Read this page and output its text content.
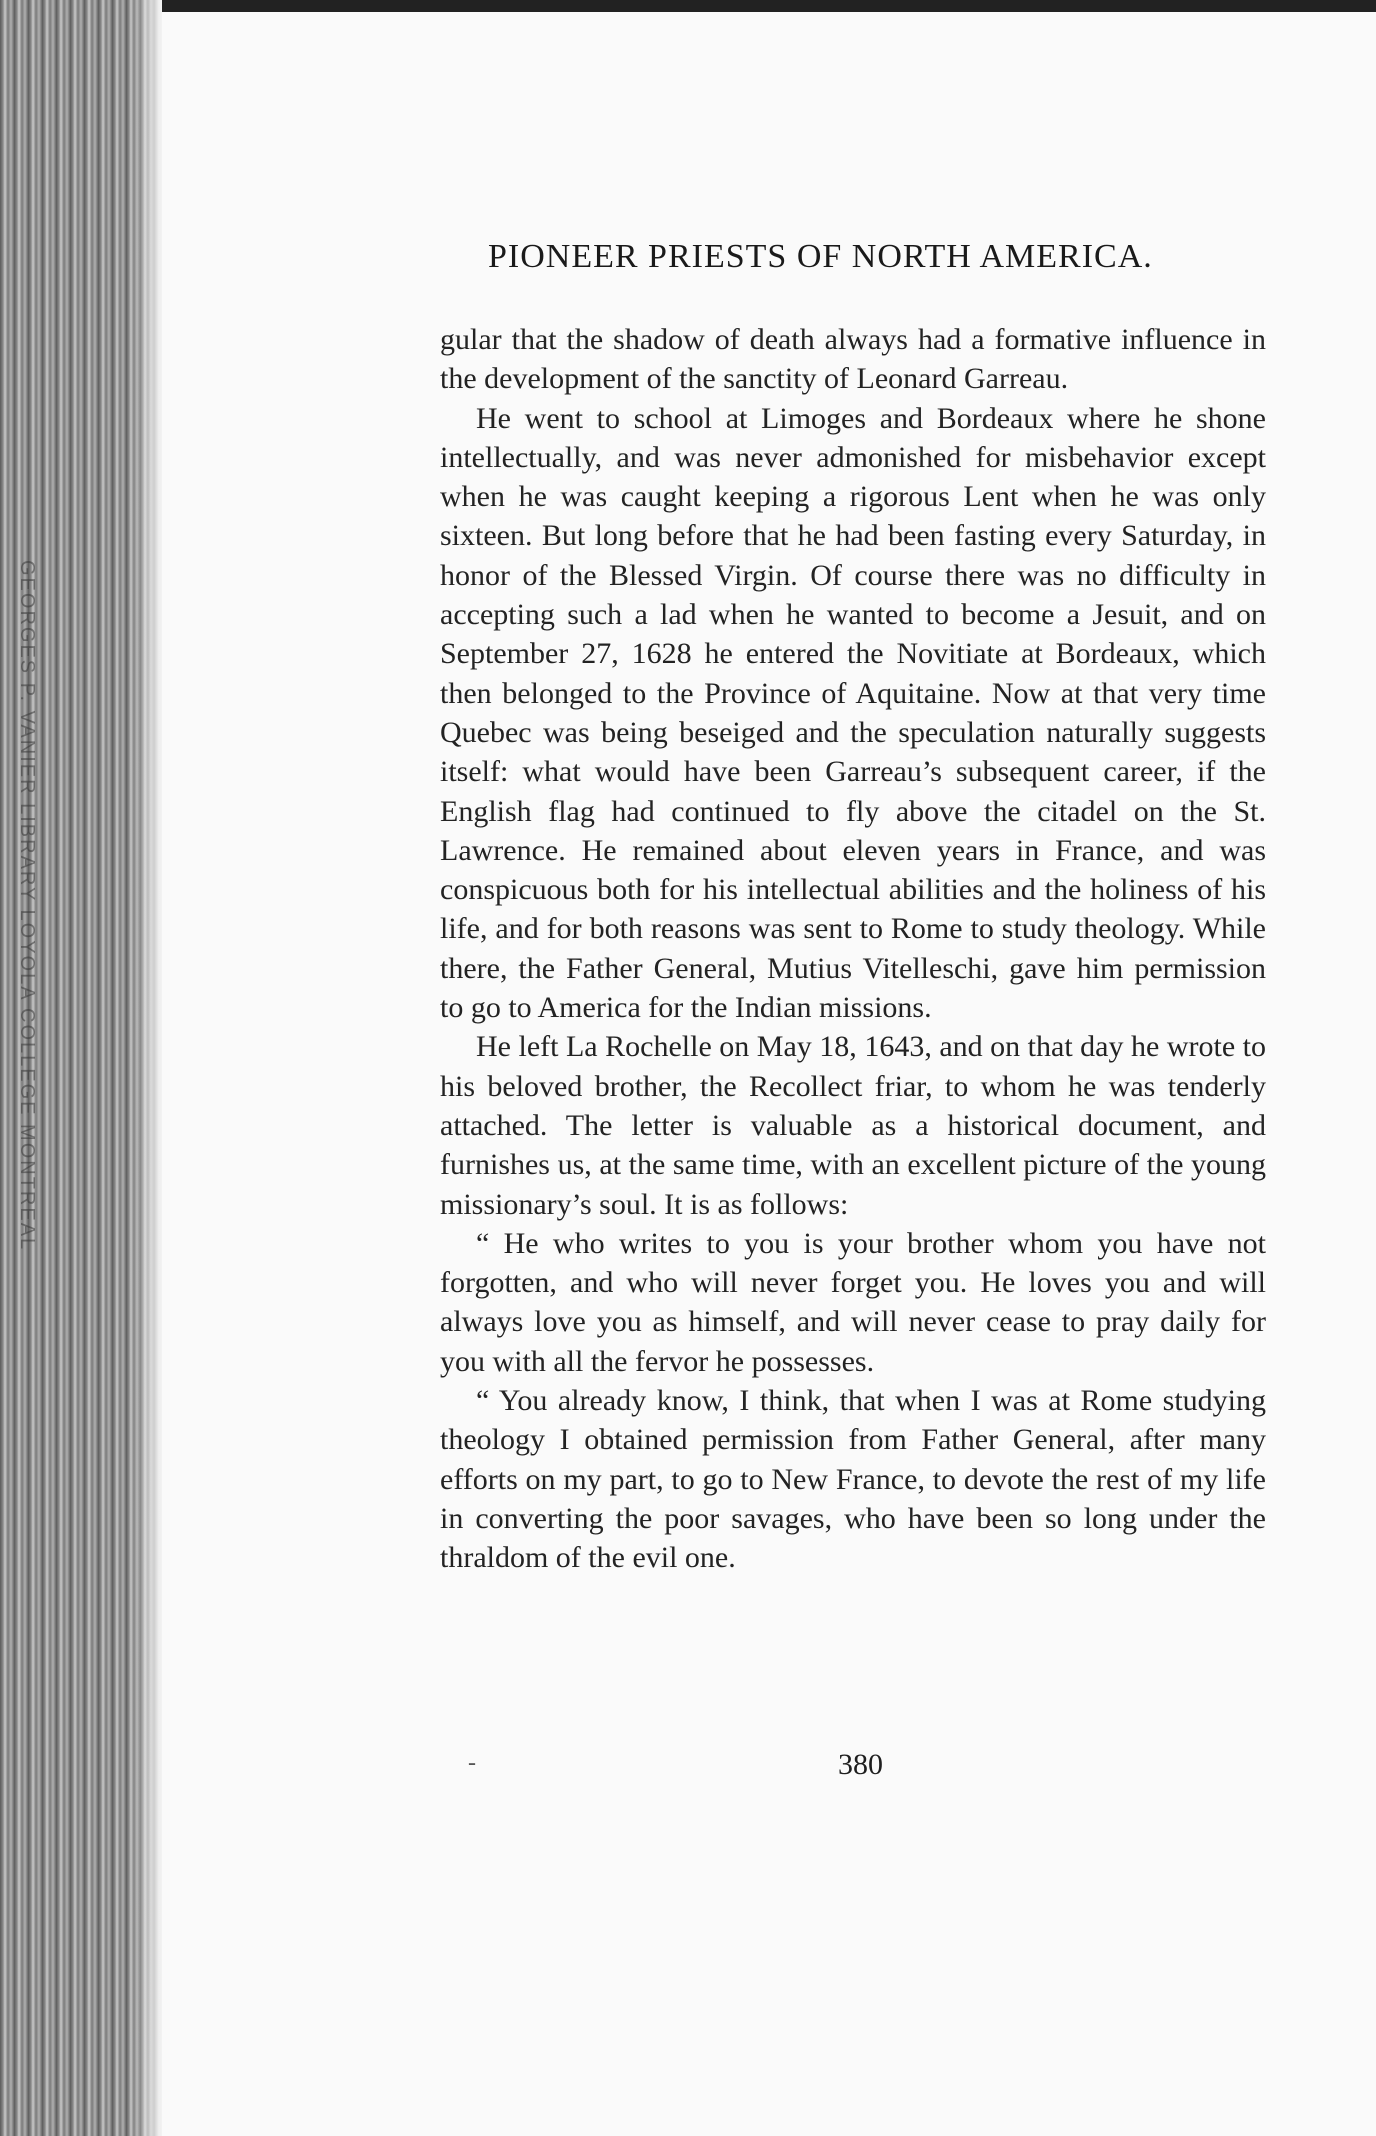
GEORGES P. VANIER LIBRARY LOYOLA COLLEGE MONTREAL
PIONEER PRIESTS OF NORTH AMERICA.

gular that the shadow of death always had a formative influence in the development of the sanctity of Leonard Garreau.

He went to school at Limoges and Bordeaux where he shone intellectually, and was never admonished for misbehavior except when he was caught keeping a rigorous Lent when he was only sixteen. But long before that he had been fasting every Saturday, in honor of the Blessed Virgin. Of course there was no difficulty in accepting such a lad when he wanted to become a Jesuit, and on September 27, 1628 he entered the Novitiate at Bordeaux, which then belonged to the Province of Aquitaine. Now at that very time Quebec was being beseiged and the speculation naturally suggests itself: what would have been Garreau’s subsequent career, if the English flag had continued to fly above the citadel on the St. Lawrence. He remained about eleven years in France, and was conspicuous both for his intellectual abilities and the holiness of his life, and for both reasons was sent to Rome to study theology. While there, the Father General, Mutius Vitelleschi, gave him permission to go to America for the Indian missions.

He left La Rochelle on May 18, 1643, and on that day he wrote to his beloved brother, the Recollect friar, to whom he was tenderly attached. The letter is valuable as a historical document, and furnishes us, at the same time, with an excellent picture of the young missionary’s soul. It is as follows:

“ He who writes to you is your brother whom you have not forgotten, and who will never forget you. He loves you and will always love you as himself, and will never cease to pray daily for you with all the fervor he possesses.

“ You already know, I think, that when I was at Rome studying theology I obtained permission from Father General, after many efforts on my part, to go to New France, to devote the rest of my life in converting the poor savages, who have been so long under the thraldom of the evil one.

-	380
